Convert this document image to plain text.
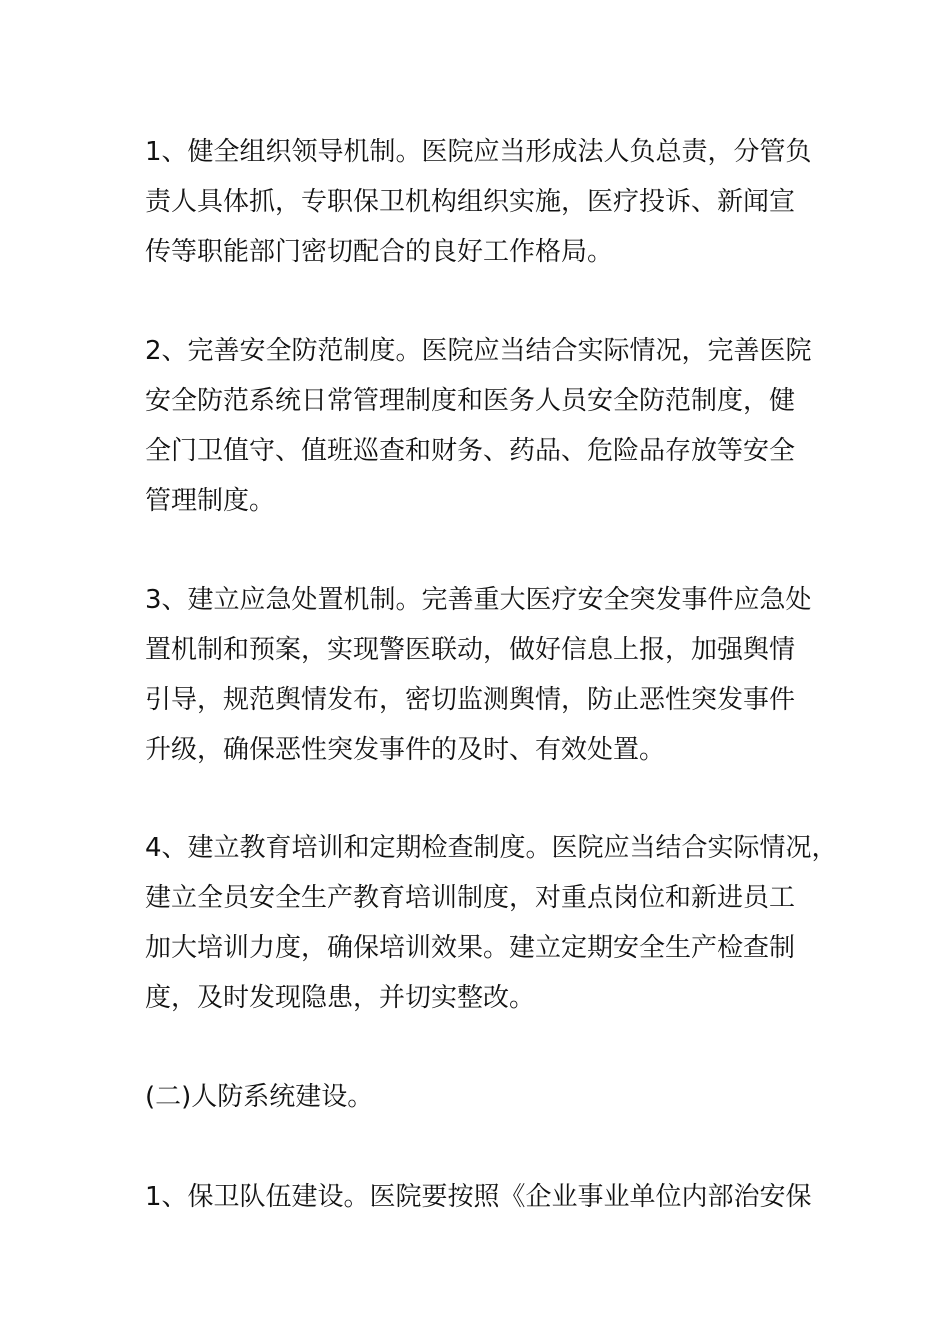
1、健全组织领导机制。医院应当形成法人负总责，分管负
责人具体抓，专职保卫机构组织实施，医疗投诉、新闻宣
传等职能部门密切配合的良好工作格局。
2、完善安全防范制度。医院应当结合实际情况，完善医院
安全防范系统日常管理制度和医务人员安全防范制度，健
全门卫值守、值班巡查和财务、药品、危险品存放等安全
管理制度。
3、建立应急处置机制。完善重大医疗安全突发事件应急处
置机制和预案，实现警医联动，做好信息上报，加强舆情
引导，规范舆情发布，密切监测舆情，防止恶性突发事件
升级，确保恶性突发事件的及时、有效处置。
4、建立教育培训和定期检查制度。医院应当结合实际情况，
建立全员安全生产教育培训制度，对重点岗位和新进员工
加大培训力度，确保培训效果。建立定期安全生产检查制
度，及时发现隐患，并切实整改。
(二)人防系统建设。
1、保卫队伍建设。医院要按照《企业事业单位内部治安保
